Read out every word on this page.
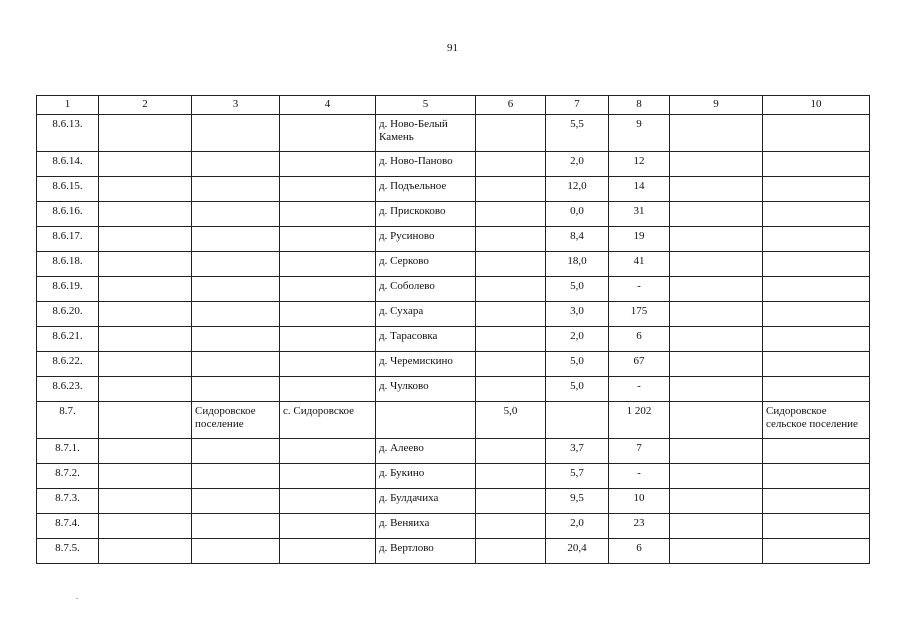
91
1	2	3	4	5	6	7	8	9	10
8.6.13.				д. Ново-Белый Камень		5,5	9		
8.6.14.				д. Ново-Паново		2,0	12		
8.6.15.				д. Подъельное		12,0	14		
8.6.16.				д. Прискоково		0,0	31		
8.6.17.				д. Русиново		8,4	19		
8.6.18.				д. Серково		18,0	41		
8.6.19.				д. Соболево		5,0	-		
8.6.20.				д. Сухара		3,0	175		
8.6.21.				д. Тарасовка		2,0	6		
8.6.22.				д. Черемискино		5,0	67		
8.6.23.				д. Чулково		5,0	-		
8.7.		Сидоровское поселение	с. Сидоровское		5,0		1 202		Сидоровское сельское поселение
8.7.1.				д. Алеево		3,7	7		
8.7.2.				д. Букино		5,7	-		
8.7.3.				д. Булдачиха		9,5	10		
8.7.4.				д. Веняиха		2,0	23		
8.7.5.				д. Вертлово		20,4	6		
